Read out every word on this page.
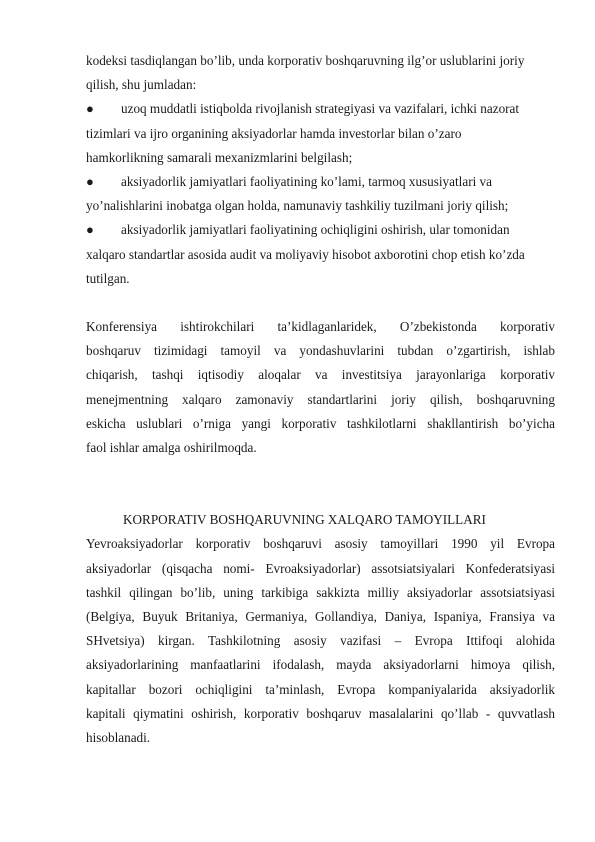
kodeksi tasdiqlangan bo’lib, unda korporativ boshqaruvning ilg’or uslublarini joriy
qilish, shu jumladan:
●	uzoq muddatli istiqbolda rivojlanish strategiyasi va vazifalari, ichki nazorat
tizimlari va ijro organining aksiyadorlar hamda investorlar bilan o’zaro
hamkorlikning samarali mexanizmlarini belgilash;
●	aksiyadorlik jamiyatlari faoliyatining ko’lami, tarmoq xususiyatlari va
yo’nalishlarini inobatga olgan holda, namunaviy tashkiliy tuzilmani joriy qilish;
●	aksiyadorlik jamiyatlari faoliyatining ochiqligini oshirish, ular tomonidan
xalqaro standartlar asosida audit va moliyaviy hisobot axborotini chop etish ko’zda
tutilgan.
Konferensiya ishtirokchilari ta’kidlaganlaridek, O’zbekistonda korporativ
boshqaruv tizimidagi tamoyil va yondashuvlarini tubdan o’zgartirish, ishlab
chiqarish, tashqi iqtisodiy aloqalar va investitsiya jarayonlariga korporativ
menejmentning xalqaro zamonaviy standartlarini joriy qilish, boshqaruvning
eskicha uslublari o’rniga yangi korporativ tashkilotlarni shakllantirish bo’yicha
faol ishlar amalga oshirilmoqda.
KORPORATIV BOSHQARUVNING XALQARO TAMOYILLARI
Yevroaksiyadorlar korporativ boshqaruvi asosiy tamoyillari 1990 yil Evropa
aksiyadorlar (qisqacha nomi- Evroaksiyadorlar) assotsiatsiyalari Konfederatsiyasi
tashkil qilingan bo’lib, uning tarkibiga sakkizta milliy aksiyadorlar assotsiatsiyasi
(Belgiya, Buyuk Britaniya, Germaniya, Gollandiya, Daniya, Ispaniya, Fransiya va
SHvetsiya) kirgan. Tashkilotning asosiy vazifasi – Evropa Ittifoqi alohida
aksiyadorlarining manfaatlarini ifodalash, mayda aksiyadorlarni himoya qilish,
kapitallar bozori ochiqligini ta’minlash, Evropa kompaniyalarida aksiyadorlik
kapitali qiymatini oshirish, korporativ boshqaruv masalalarini qo’llab - quvvatlash
hisoblanadi.
